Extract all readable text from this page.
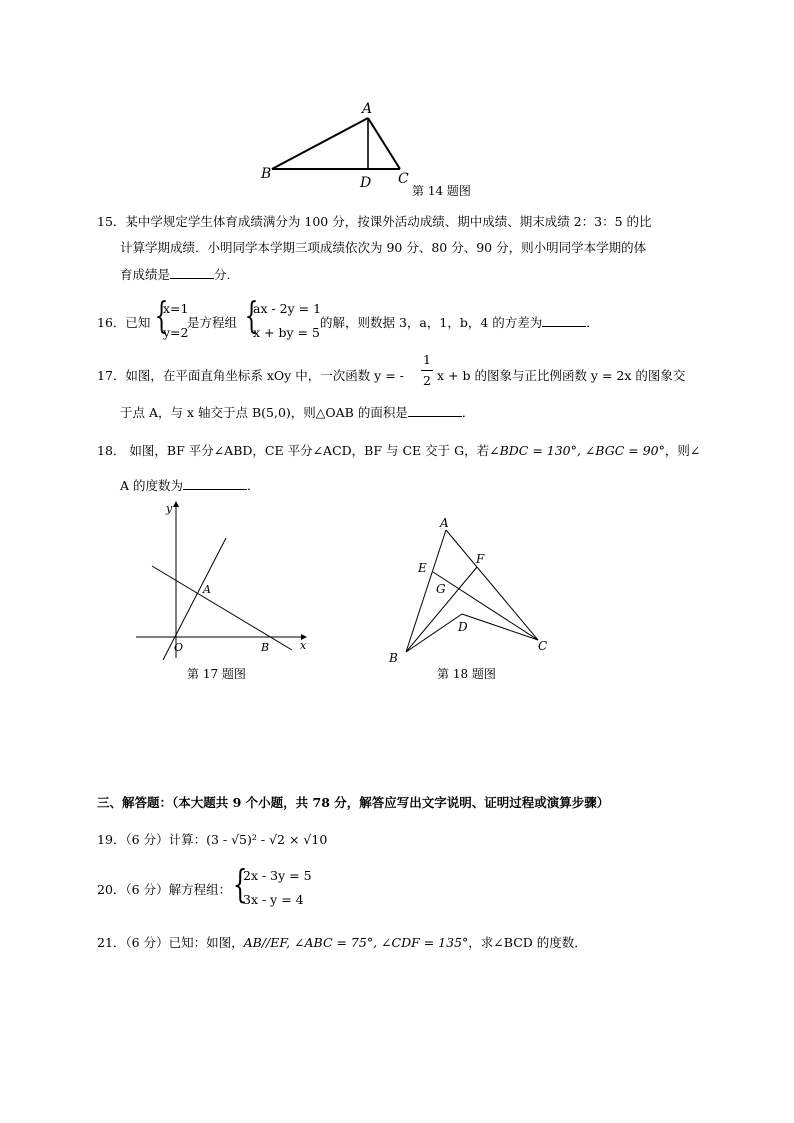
A
B
D C
第 14 题图
15．某中学规定学生体育成绩满分为 100 分，按课外活动成绩、期中成绩、期末成绩 2：3：5 的比
计算学期成绩．小明同学本学期三项成绩依次为 90 分、80 分、90 分，则小明同学本学期的体
育成绩是	分．
16．已知 {
x=1
y=2
是方程组 {
ax - 2y = 1
x + by = 5
的解，则数据 3，a，1，b，4 的方差为	．
17．如图，在平面直角坐标系 xOy 中，一次函数 y = -
1
2 x + b 的图象与正比例函数 y = 2x 的图象交
于点 A，与 x 轴交于点 B(5,0)，则△OAB 的面积是	．
18． 如图，BF 平分∠ABD，CE 平分∠ACD，BF 与 CE 交于 G，若∠BDC = 130°, ∠BGC = 90°，则∠
A 的度数为	．
y
x
O
A
B
第 17 题图
A
E
F
G
D
B
C
第 18 题图
三、解答题：（本大题共 9 个小题，共 78 分，解答应写出文字说明、证明过程或演算步骤）
19．（6 分）计算：(3 - √5)² - √2 × √10
20．（6 分）解方程组： {
2x - 3y = 5
3x - y = 4
21．（6 分）已知：如图，AB//EF, ∠ABC = 75°, ∠CDF = 135°，求∠BCD 的度数．
